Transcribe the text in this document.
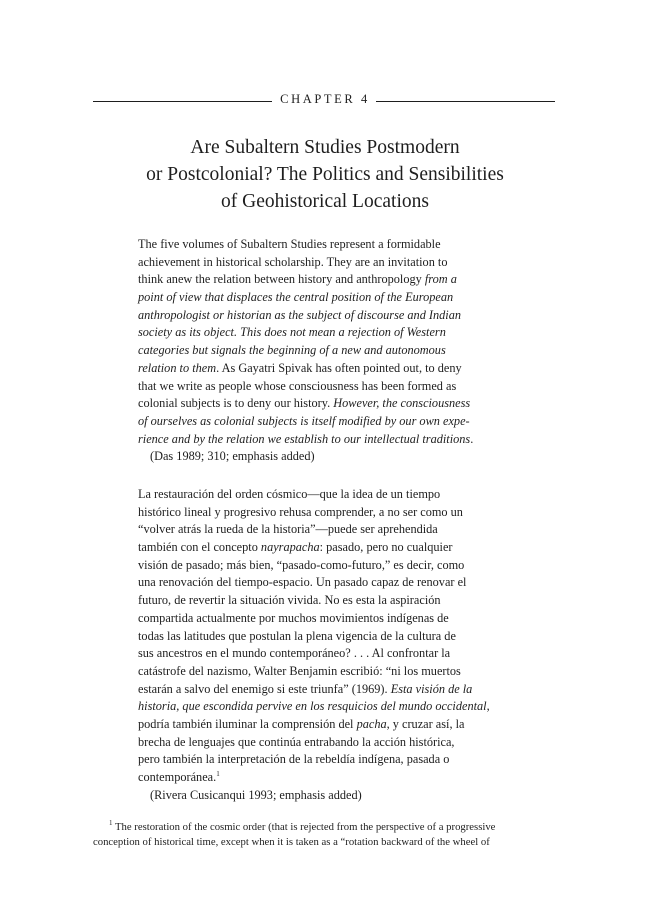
CHAPTER 4
Are Subaltern Studies Postmodern
or Postcolonial? The Politics and Sensibilities
of Geohistorical Locations
The five volumes of Subaltern Studies represent a formidable
achievement in historical scholarship. They are an invitation to
think anew the relation between history and anthropology from a
point of view that displaces the central position of the European
anthropologist or historian as the subject of discourse and Indian
society as its object. This does not mean a rejection of Western
categories but signals the beginning of a new and autonomous
relation to them. As Gayatri Spivak has often pointed out, to deny
that we write as people whose consciousness has been formed as
colonial subjects is to deny our history. However, the consciousness
of ourselves as colonial subjects is itself modified by our own expe-
rience and by the relation we establish to our intellectual traditions.
(Das 1989; 310; emphasis added)
La restauración del orden cósmico—que la idea de un tiempo
histórico lineal y progresivo rehusa comprender, a no ser como un
“volver atrás la rueda de la historia”—puede ser aprehendida
también con el concepto nayrapacha: pasado, pero no cualquier
visión de pasado; más bien, “pasado-como-futuro,” es decir, como
una renovación del tiempo-espacio. Un pasado capaz de renovar el
futuro, de revertir la situación vivida. No es esta la aspiración
compartida actualmente por muchos movimientos indígenas de
todas las latitudes que postulan la plena vigencia de la cultura de
sus ancestros en el mundo contemporáneo? . . . Al confrontar la
catástrofe del nazismo, Walter Benjamin escribió: “ni los muertos
estarán a salvo del enemigo si este triunfa” (1969). Esta visión de la
historia, que escondida pervive en los resquicios del mundo occidental,
podría también iluminar la comprensión del pacha, y cruzar así, la
brecha de lenguajes que continúa entrabando la acción histórica,
pero también la interpretación de la rebeldía indígena, pasada o
contemporánea.$^1$
(Rivera Cusicanqui 1993; emphasis added)
$^1$ The restoration of the cosmic order (that is rejected from the perspective of a progressive
conception of historical time, except when it is taken as a “rotation backward of the wheel of
